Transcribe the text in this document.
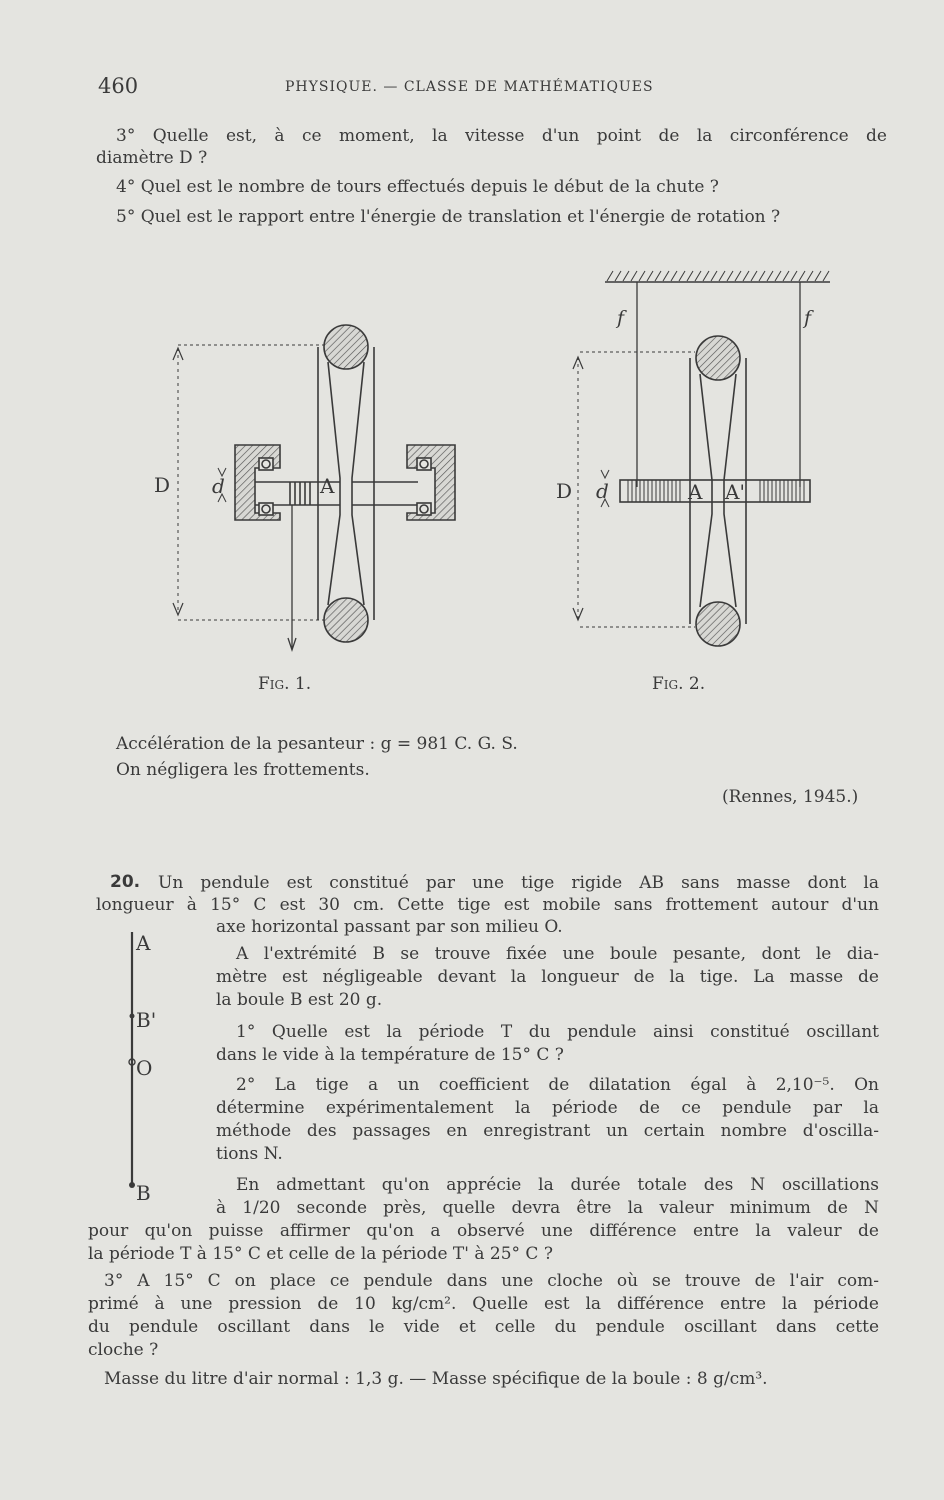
460	PHYSIQUE. — CLASSE DE MATHÉMATIQUES
3° Quelle est, à ce moment, la vitesse d'un point de la circonférence de
diamètre D ?
4° Quel est le nombre de tours effectués depuis le début de la chute ?
5° Quel est le rapport entre l'énergie de translation et l'énergie de rotation ?
D d	A
Fig. 1.
f	f
D d	A A'
Fig. 2.
Accélération de la pesanteur : g = 981 C. G. S.
On négligera les frottements.
(Rennes, 1945.)
20. Un pendule est constitué par une tige rigide AB sans masse dont la
longueur à 15° C est 30 cm. Cette tige est mobile sans frottement autour d'un
axe horizontal passant par son milieu O.
A
B'
O
B
A l'extrémité B se trouve fixée une boule pesante, dont le dia-
mètre est négligeable devant la longueur de la tige. La masse de
la boule B est 20 g.
1° Quelle est la période T du pendule ainsi constitué oscillant
dans le vide à la température de 15° C ?
2° La tige a un coefficient de dilatation égal à 2,10⁻⁵. On
détermine expérimentalement la période de ce pendule par la
méthode des passages en enregistrant un certain nombre d'oscilla-
tions N.
En admettant qu'on apprécie la durée totale des N oscillations
à 1/20 seconde près, quelle devra être la valeur minimum de N
pour qu'on puisse affirmer qu'on a observé une différence entre la valeur de
la période T à 15° C et celle de la période T' à 25° C ?
3° A 15° C on place ce pendule dans une cloche où se trouve de l'air com-
primé à une pression de 10 kg/cm². Quelle est la différence entre la période
du pendule oscillant dans le vide et celle du pendule oscillant dans cette
cloche ?
Masse du litre d'air normal : 1,3 g. — Masse spécifique de la boule : 8 g/cm³.
